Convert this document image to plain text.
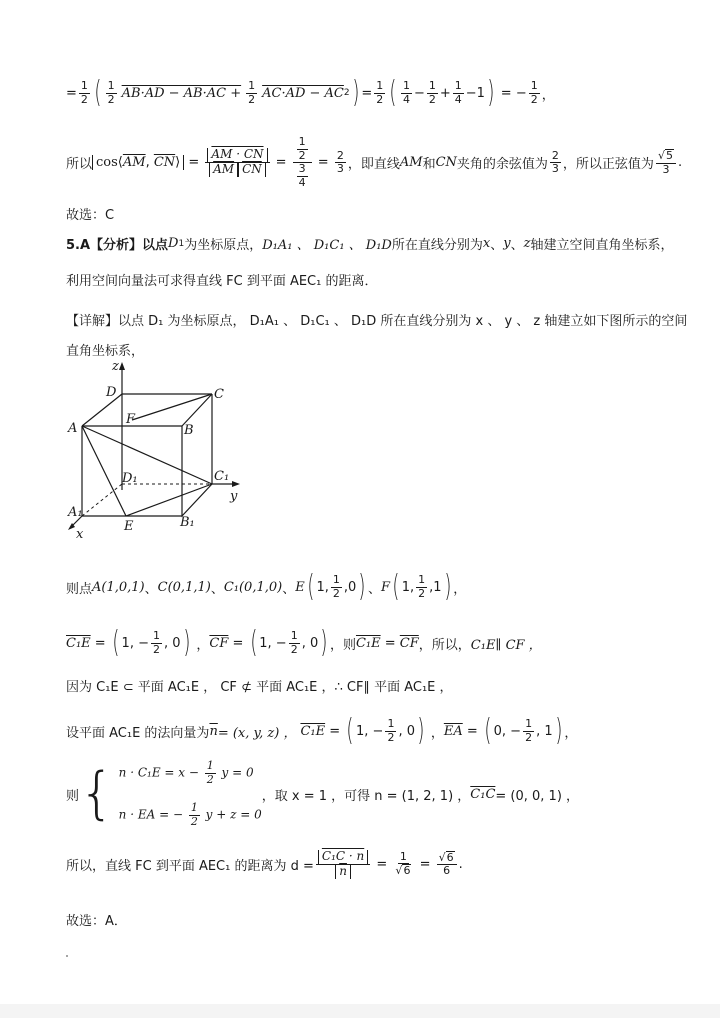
= $\frac{1}{2}$ ( $\frac{1}{2} AB\cdot AD - AB\cdot AC + \frac{1}{2} AC\cdot AD$ − AC 2 ) = $\frac{1}{2}$ ( $\frac{1}{4} - \frac{1}{2} + \frac{1}{4} -1$ ) = − $\frac{1}{2}$ ，
所以 $\cos⟨\overline{AM}$, $\overline{CN}⟩ = \frac{AM \cdot CN}{\overline{AM} \overline{CN}} = \frac{\frac{1}{2}}{\frac{3}{4}} = \frac{2}{3}$ ，即直线 AM 和 CN 夹角的余弦值为 $\frac{2}{3}$ ，所以正弦值为 $\frac{√5}{3}$ .
故选：C
5.A【分析】以点 D 1 为坐标原点， D₁A₁ 、 D₁C₁ 、 D₁D 所在直线分别为 x 、 y 、 z 轴建立空间直角坐标系，
利用空间向量法可求得直线 FC 到平面 AEC₁ 的距离．
【详解】 以点 D₁ 为坐标原点， D₁A₁ 、 D₁C₁ 、 D₁D 所在直线分别为 x 、 y 、 z 轴建立如下图所示的空间
直角坐标系，
z
D	C
F
A	B
D₁	C₁
y
A₁
E	B₁
x
则点 A(1,0,1) 、 C(0,1,1) 、 C₁(0,1,0) 、 E ( 1, $\frac{1}{2} ,0$ ) 、 F ( 1, $\frac{1}{2} ,1$ ) ，
C₁E = ( 1, − $\frac{1}{2}$ , 0 ) ， $\overline{CF}$ = ( 1, − $\frac{1}{2}$ , 0 ) ，则 $C_1E = \overline{CF}$ ，所以， C₁E∥ CF ，
因为 C₁E ⊂ 平面 AC₁E ， CF ⊄ 平面 AC₁E ，∴ CF∥ 平面 AC₁E ，
设平面 AC₁E 的法向量为 $\overline{n} = (x$, y, z) ， C₁E = ( 1, − $\frac{1}{2}$ , 0 ) ， $\overline{EA}$ = ( 0, − $\frac{1}{2}$ , 1 ) ，
则 { $n \cdot C_1E = x - \frac{1}{2}$ y = 0
n · EA = − $\frac{1}{2}$ y + z = 0
，取 x = 1 ，可得 n = (1, 2, 1) ， C₁C = (0, 0, 1) ，
所以，直线 FC 到平面 AEC₁ 的距离为 $d = \frac{\text{C₁C · n}}{n} = \frac{1}{√6} = \frac{√6}{6}$ .
故选：A．
